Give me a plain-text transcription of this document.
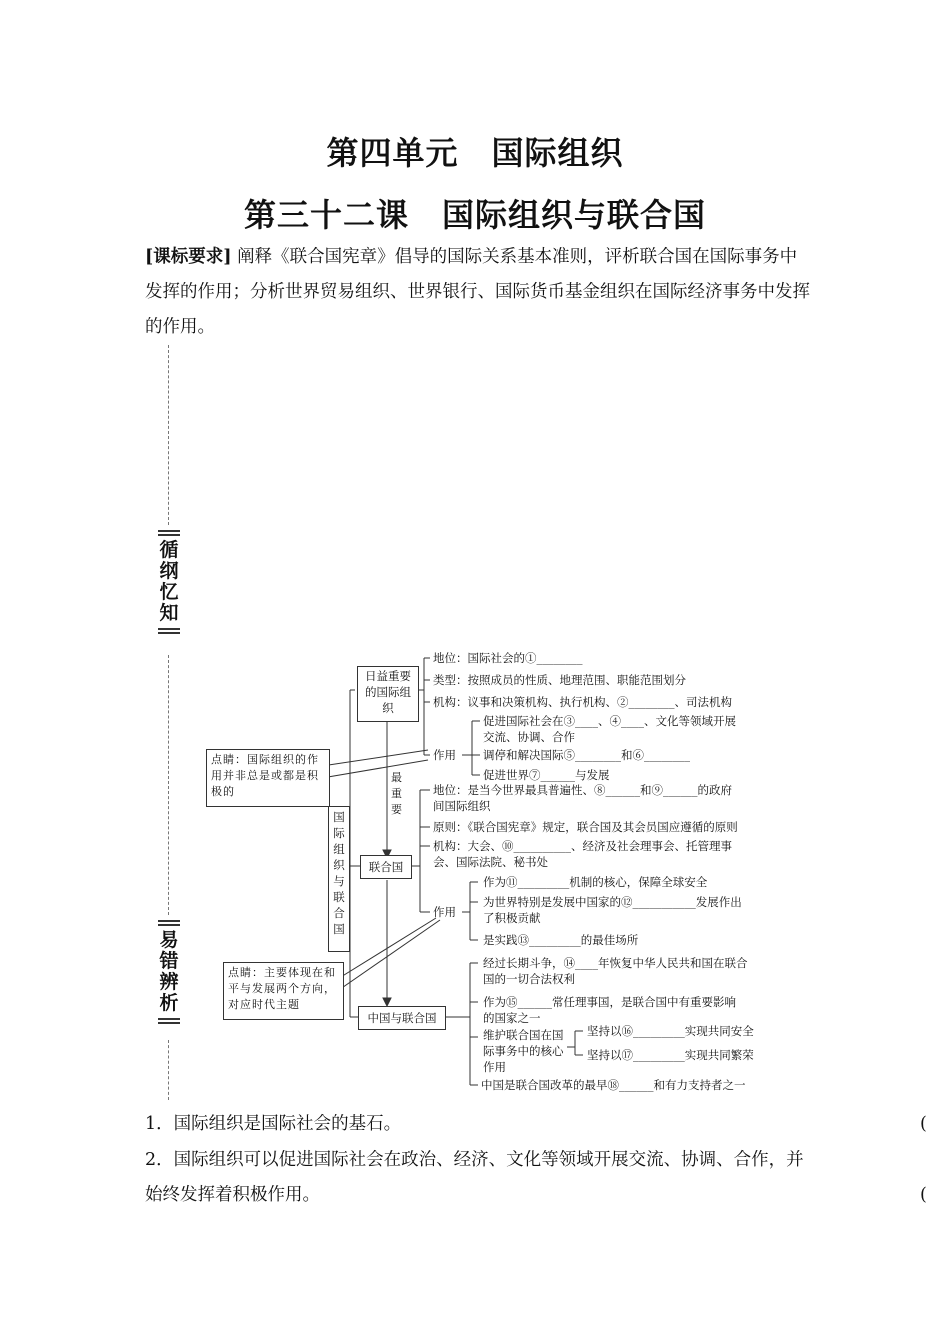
第四单元　国际组织
第三十二课　国际组织与联合国
[课标要求] 阐释《联合国宪章》倡导的国际关系基本准则，评析联合国在国际事务中发挥的作用；分析世界贸易组织、世界银行、国际货币基金组织在国际经济事务中发挥的作用。
循纲忆知
易错辨析
日益重要的国际组织
国际组织与联合国
联合国
中国与联合国
最重要
点睛：国际组织的作用并非总是或都是积极的
点睛：主要体现在和平与发展两个方向，对应时代主题
地位：国际社会的①________
类型：按照成员的性质、地理范围、职能范围划分
机构：议事和决策机构、执行机构、②________、司法机构
作用
促进国际社会在③____、④____、文化等领域开展
交流、协调、合作
调停和解决国际⑤________和⑥________
促进世界⑦______与发展
地位：是当今世界最具普遍性、⑧______和⑨______的政府
间国际组织
原则：《联合国宪章》规定，联合国及其会员国应遵循的原则
机构：大会、⑩__________、经济及社会理事会、托管理事
会、国际法院、秘书处
作用
作为⑪_________机制的核心，保障全球安全
为世界特别是发展中国家的⑫___________发展作出
了积极贡献
是实践⑬_________的最佳场所
经过长期斗争，⑭____年恢复中华人民共和国在联合
国的一切合法权利
作为⑮______常任理事国，是联合国中有重要影响
的国家之一
维护联合国在国际事务中的核心作用
坚持以⑯_________实现共同安全
坚持以⑰_________实现共同繁荣
中国是联合国改革的最早⑱______和有力支持者之一
1．国际组织是国际社会的基石。	(
2．国际组织可以促进国际社会在政治、经济、文化等领域开展交流、协调、合作，并始终发挥着积极作用。	(
